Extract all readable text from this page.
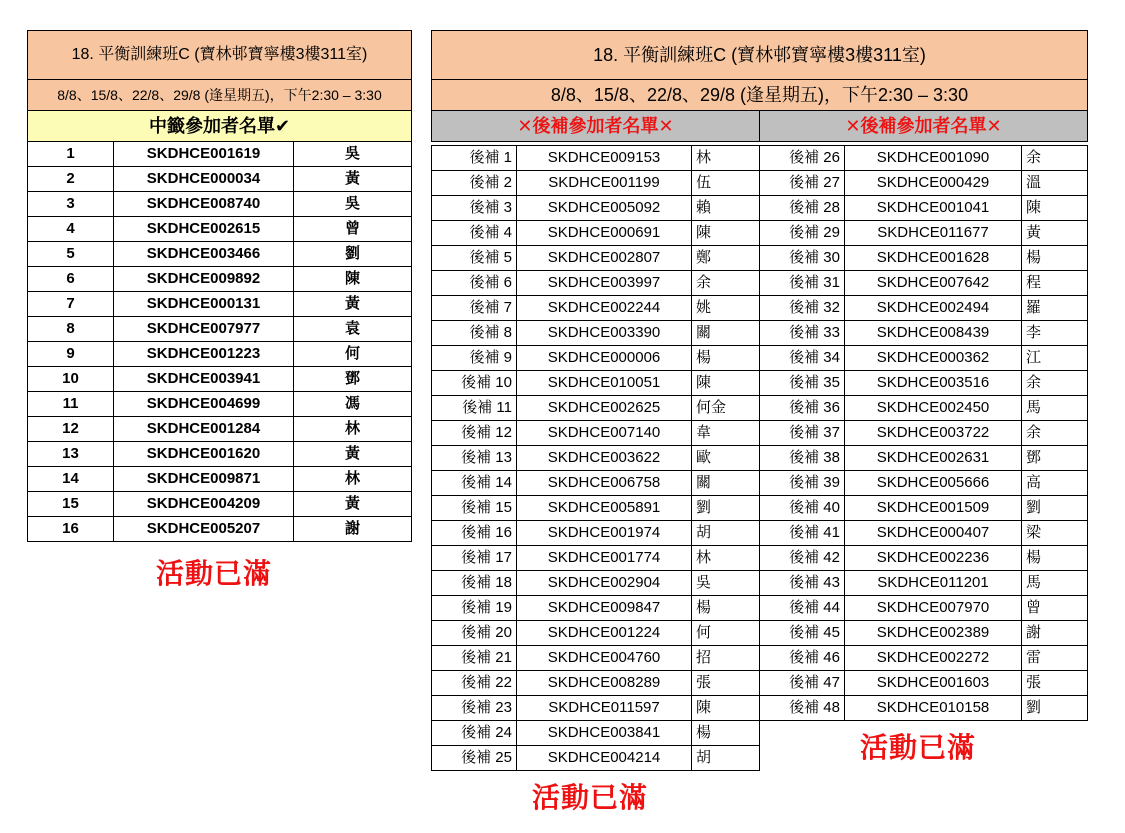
18. 平衡訓練班C (寶林邨寶寧樓3樓311室)		
8/8、15/8、22/8、29/8 (逢星期五)，下午2:30 – 3:30		
中籤參加者名單✔		
1	SKDHCE001619	吳
2	SKDHCE000034	黃
3	SKDHCE008740	吳
4	SKDHCE002615	曾
5	SKDHCE003466	劉
6	SKDHCE009892	陳
7	SKDHCE000131	黃
8	SKDHCE007977	袁
9	SKDHCE001223	何
10	SKDHCE003941	鄧
11	SKDHCE004699	馮
12	SKDHCE001284	林
13	SKDHCE001620	黃
14	SKDHCE009871	林
15	SKDHCE004209	黃
16	SKDHCE005207	謝
活動已滿
18. 平衡訓練班C (寶林邨寶寧樓3樓311室)
8/8、15/8、22/8、29/8 (逢星期五)，下午2:30 – 3:30
✕後補參加者名單✕	✕後補參加者名單✕
後補 1	SKDHCE009153	林
後補 2	SKDHCE001199	伍
後補 3	SKDHCE005092	賴
後補 4	SKDHCE000691	陳
後補 5	SKDHCE002807	鄭
後補 6	SKDHCE003997	余
後補 7	SKDHCE002244	姚
後補 8	SKDHCE003390	關
後補 9	SKDHCE000006	楊
後補 10	SKDHCE010051	陳
後補 11	SKDHCE002625	何金
後補 12	SKDHCE007140	韋
後補 13	SKDHCE003622	歐
後補 14	SKDHCE006758	關
後補 15	SKDHCE005891	劉
後補 16	SKDHCE001974	胡
後補 17	SKDHCE001774	林
後補 18	SKDHCE002904	吳
後補 19	SKDHCE009847	楊
後補 20	SKDHCE001224	何
後補 21	SKDHCE004760	招
後補 22	SKDHCE008289	張
後補 23	SKDHCE011597	陳
後補 24	SKDHCE003841	楊
後補 25	SKDHCE004214	胡
後補 26	SKDHCE001090	余
後補 27	SKDHCE000429	溫
後補 28	SKDHCE001041	陳
後補 29	SKDHCE011677	黃
後補 30	SKDHCE001628	楊
後補 31	SKDHCE007642	程
後補 32	SKDHCE002494	羅
後補 33	SKDHCE008439	李
後補 34	SKDHCE000362	江
後補 35	SKDHCE003516	余
後補 36	SKDHCE002450	馬
後補 37	SKDHCE003722	余
後補 38	SKDHCE002631	鄧
後補 39	SKDHCE005666	高
後補 40	SKDHCE001509	劉
後補 41	SKDHCE000407	梁
後補 42	SKDHCE002236	楊
後補 43	SKDHCE011201	馬
後補 44	SKDHCE007970	曾
後補 45	SKDHCE002389	謝
後補 46	SKDHCE002272	雷
後補 47	SKDHCE001603	張
後補 48	SKDHCE010158	劉
活動已滿
活動已滿
